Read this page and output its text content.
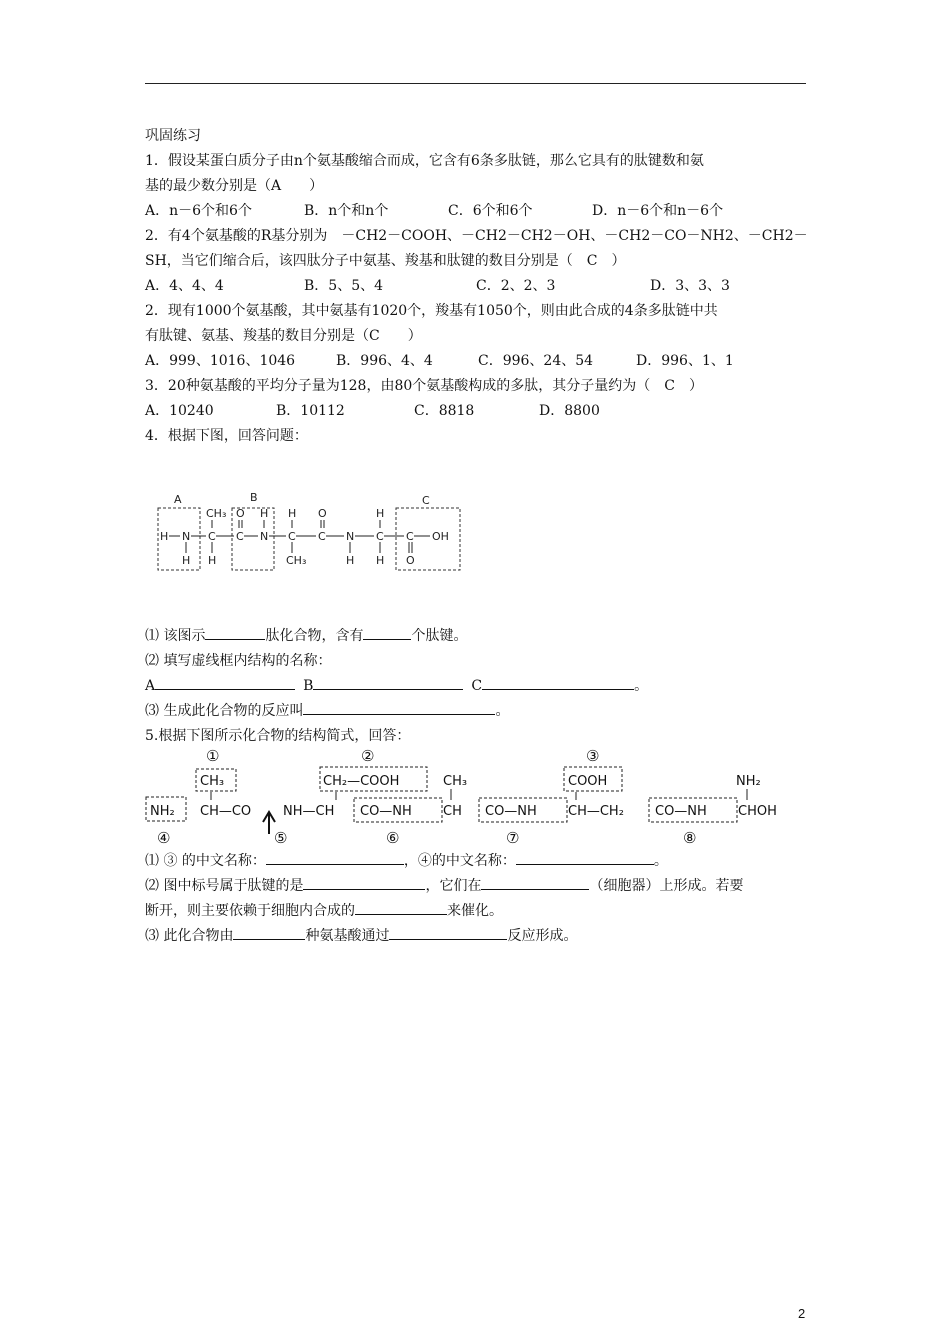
巩固练习
1．假设某蛋白质分子由n个氨基酸缩合而成，它含有6条多肽链，那么它具有的肽键数和氨
基的最少数分别是（A　　）

A．n－6个和6个

	B．n个和n个

	C．6个和6个

	D．n－6个和n－6个

2．有4个氨基酸的R基分别为　－CH2－COOH、－CH2－CH2－OH、－CH2－CO－NH2、－CH2－
SH，当它们缩合后，该四肽分子中氨基、羧基和肽键的数目分别是（　C　）

A．4、4、4

	B．5、5、4

	C．2、2、3

	D．3、3、3

2．现有1000个氨基酸，其中氨基有1020个，羧基有1050个，则由此合成的4条多肽链中共
有肽键、氨基、羧基的数目分别是（C　　）

A．999、1016、1046

	B．996、4、4

	C．996、24、54

	D．996、1、1

3．20种氨基酸的平均分子量为128，由80个氨基酸构成的多肽，其分子量约为（　C　）

A．10240

	B．10112

	C．8818

	D．8800

4．根据下图，回答问题：
A	B	C
H N C C N C C N C C OH
CH₃ O H H O	H
H H	CH₃	H H O
⑴ 该图示	肽化合物，含有	个肽键。
⑵ 填写虚线框内结构的名称：
A	B	C	。
⑶ 生成此化合物的反应叫	。
5.根据下图所示化合物的结构简式，回答：
①	②	③
④	⑤	⑥	⑦	⑧
CH₃	CH₂—COOH	CH₃	COOH	NH₂
NH₂ CH—CO NH—CH CO—NH CH CO—NH CH—CH₂ CO—NH CHOH
⑴ ③ 的中文名称：	，④的中文名称：	。
⑵ 图中标号属于肽键的是	，它们在	（细胞器）上形成。若要
断开，则主要依赖于细胞内合成的	来催化。
⑶ 此化合物由	种氨基酸通过	反应形成。
2
